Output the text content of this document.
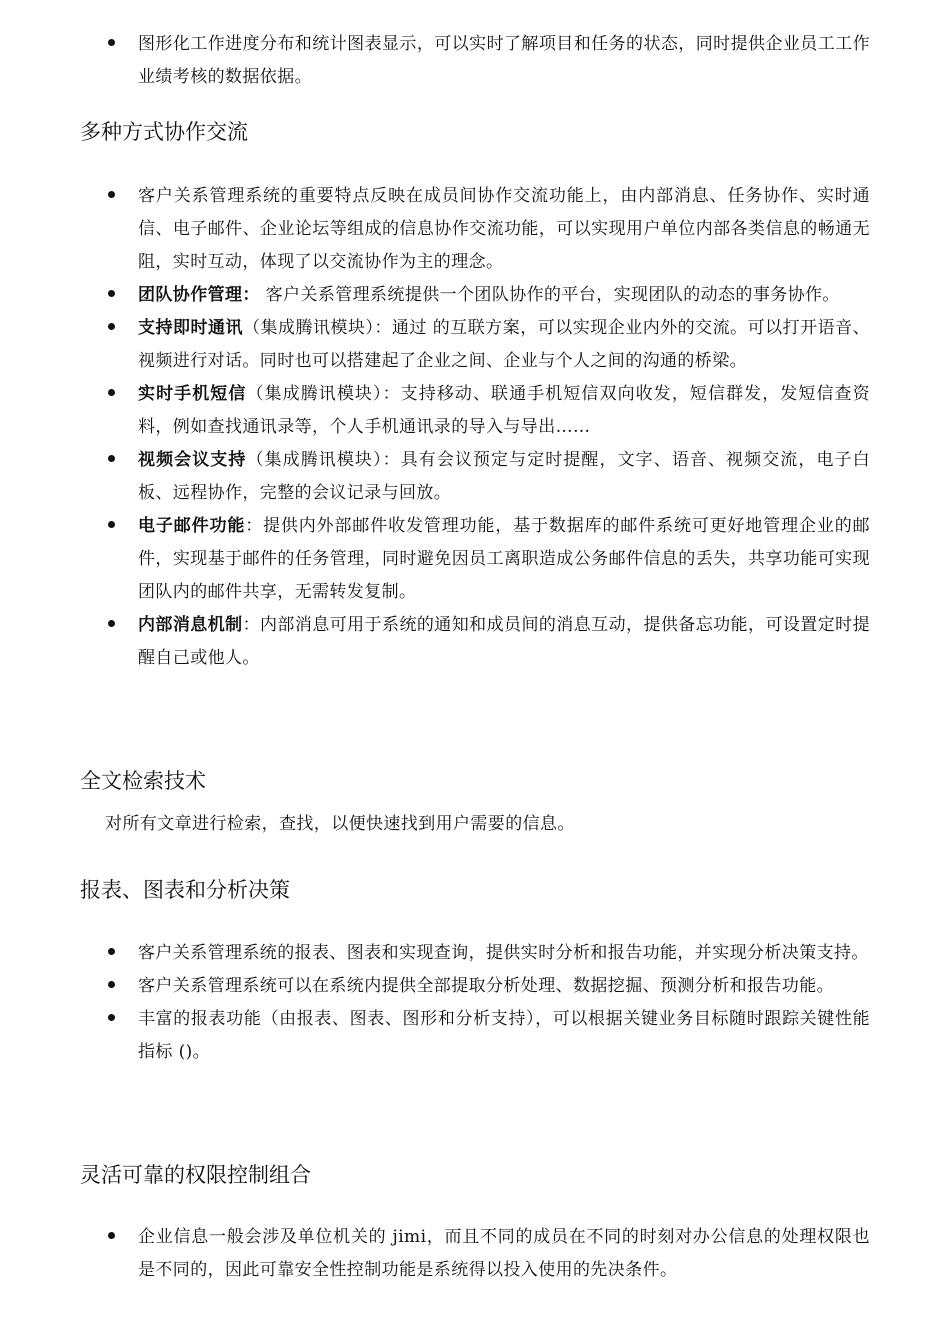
图形化工作进度分布和统计图表显示，可以实时了解项目和任务的状态，同时提供企业员工工作业绩考核的数据依据。
多种方式协作交流
客户关系管理系统的重要特点反映在成员间协作交流功能上，由内部消息、任务协作、实时通信、电子邮件、企业论坛等组成的信息协作交流功能，可以实现用户单位内部各类信息的畅通无阻，实时互动，体现了以交流协作为主的理念。
团队协作管理： 客户关系管理系统提供一个团队协作的平台，实现团队的动态的事务协作。
支持即时通讯（集成腾讯模块）：通过 的互联方案，可以实现企业内外的交流。可以打开语音、视频进行对话。同时也可以搭建起了企业之间、企业与个人之间的沟通的桥梁。
实时手机短信（集成腾讯模块）：支持移动、联通手机短信双向收发，短信群发，发短信查资料，例如查找通讯录等，个人手机通讯录的导入与导出……
视频会议支持（集成腾讯模块）：具有会议预定与定时提醒，文字、语音、视频交流，电子白板、远程协作，完整的会议记录与回放。
电子邮件功能：提供内外部邮件收发管理功能，基于数据库的邮件系统可更好地管理企业的邮件，实现基于邮件的任务管理，同时避免因员工离职造成公务邮件信息的丢失，共享功能可实现团队内的邮件共享，无需转发复制。
内部消息机制：内部消息可用于系统的通知和成员间的消息互动，提供备忘功能，可设置定时提醒自己或他人。
全文检索技术

对所有文章进行检索，查找，以便快速找到用户需要的信息。

报表、图表和分析决策
客户关系管理系统的报表、图表和实现查询，提供实时分析和报告功能，并实现分析决策支持。
客户关系管理系统可以在系统内提供全部提取分析处理、数据挖掘、预测分析和报告功能。
丰富的报表功能（由报表、图表、图形和分析支持），可以根据关键业务目标随时跟踪关键性能指标 ()。
灵活可靠的权限控制组合
企业信息一般会涉及单位机关的 jimi，而且不同的成员在不同的时刻对办公信息的处理权限也是不同的，因此可靠安全性控制功能是系统得以投入使用的先决条件。
